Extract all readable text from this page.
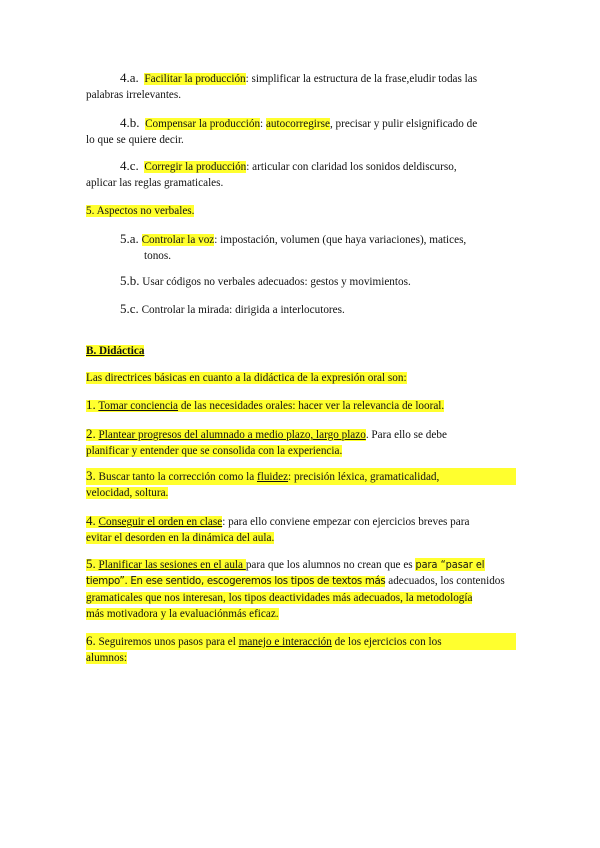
4.a. Facilitar la producción: simplificar la estructura de la frase,eludir todas las
palabras irrelevantes.
4.b. Compensar la producción: autocorregirse, precisar y pulir elsignificado de
lo que se quiere decir.
4.c. Corregir la producción: articular con claridad los sonidos deldiscurso,
aplicar las reglas gramaticales.
5. Aspectos no verbales.
5.a. Controlar la voz: impostación, volumen (que haya variaciones), matices,
tonos.
5.b. Usar códigos no verbales adecuados: gestos y movimientos.
5.c. Controlar la mirada: dirigida a interlocutores.
B. Didáctica
Las directrices básicas en cuanto a la didáctica de la expresión oral son:
1. Tomar conciencia de las necesidades orales: hacer ver la relevancia de looral.
2. Plantear progresos del alumnado a medio plazo, largo plazo. Para ello se debe
planificar y entender que se consolida con la experiencia.
3. Buscar tanto la corrección como la fluidez: precisión léxica, gramaticalidad,
velocidad, soltura.
4. Conseguir el orden en clase: para ello conviene empezar con ejercicios breves para
evitar el desorden en la dinámica del aula.
5. Planificar las sesiones en el aula para que los alumnos no crean que es para “pasar el
tiempo”. En ese sentido, escogeremos los tipos de textos más adecuados, los contenidos
gramaticales que nos interesan, los tipos deactividades más adecuados, la metodología
más motivadora y la evaluaciónmás eficaz.
6. Seguiremos unos pasos para el manejo e interacción de los ejercicios con los
alumnos:
